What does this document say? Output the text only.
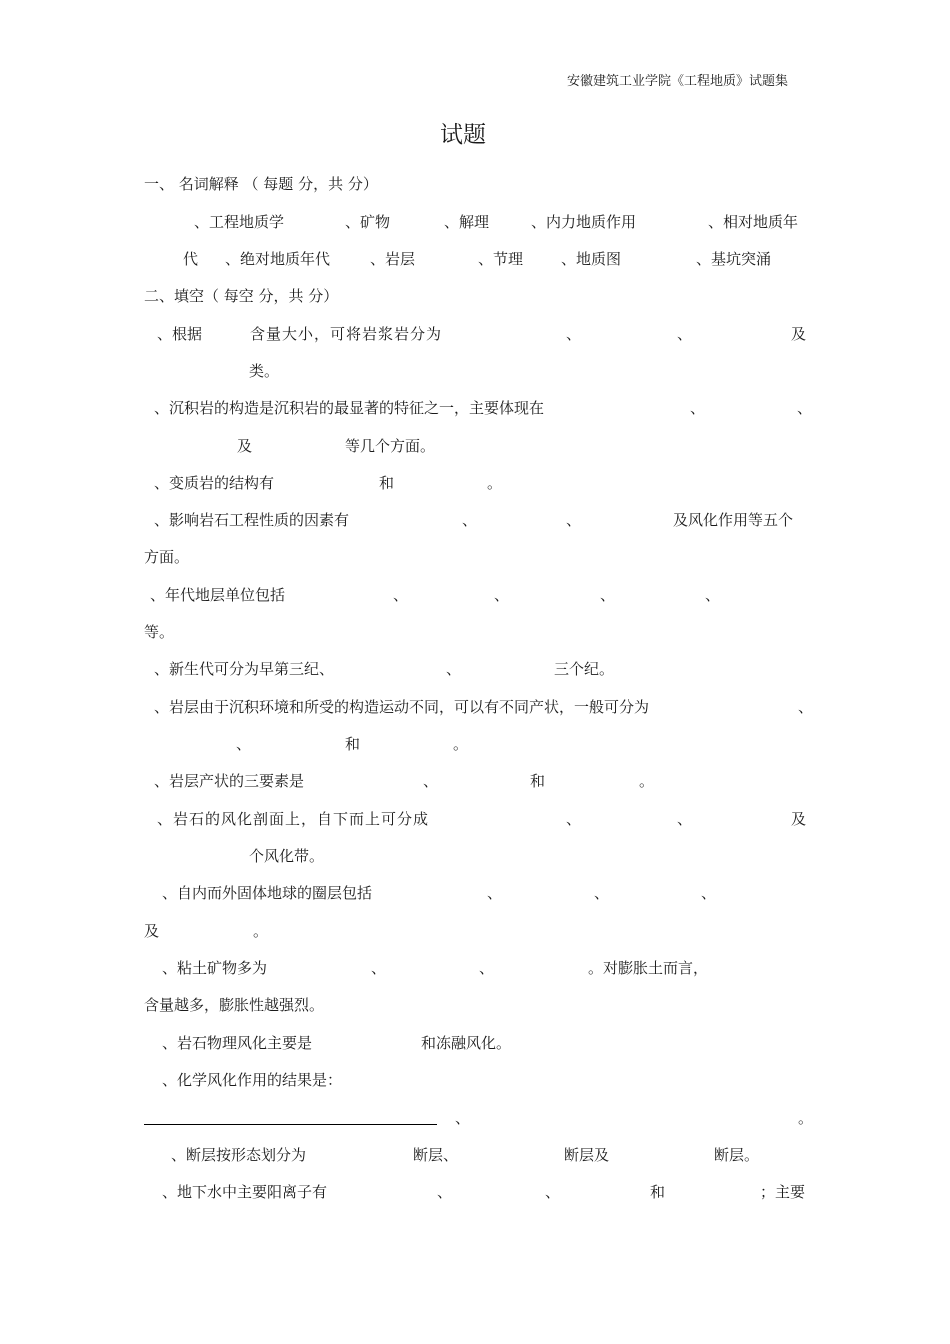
安徽建筑工业学院《工程地质》试题集
试题
一、 名词解释 （ 每题 分，共 分）
、工程地质学	、矿物	、解理	、内力地质作用	、相对地质年
代 、绝对地质年代	、岩层	、节理	、地质图	、基坑突涌
二、填空（ 每空 分，共 分）
、根据	含量大小，可将岩浆岩分为	、	、	及
类。
、沉积岩的构造是沉积岩的最显著的特征之一，主要体现在	、	、
及	等几个方面。
、变质岩的结构有	和	。
、影响岩石工程性质的因素有	、	、	及风化作用等五个
方面。
、年代地层单位包括	、	、	、	、
等。
、新生代可分为早第三纪、	、	三个纪。
、岩层由于沉积环境和所受的构造运动不同，可以有不同产状，一般可分为	、
、	和	。
、岩层产状的三要素是	、	和	。
、岩石的风化剖面上，自下而上可分成	、	、	及
个风化带。
、自内而外固体地球的圈层包括	、	、	、
及	。
、粘土矿物多为	、	、	。对膨胀土而言，
含量越多，膨胀性越强烈。
、岩石物理风化主要是	和冻融风化。
、化学风化作用的结果是：
、	。
、断层按形态划分为	断层、	断层及	断层。
、地下水中主要阳离子有	、	、	和	；主要
